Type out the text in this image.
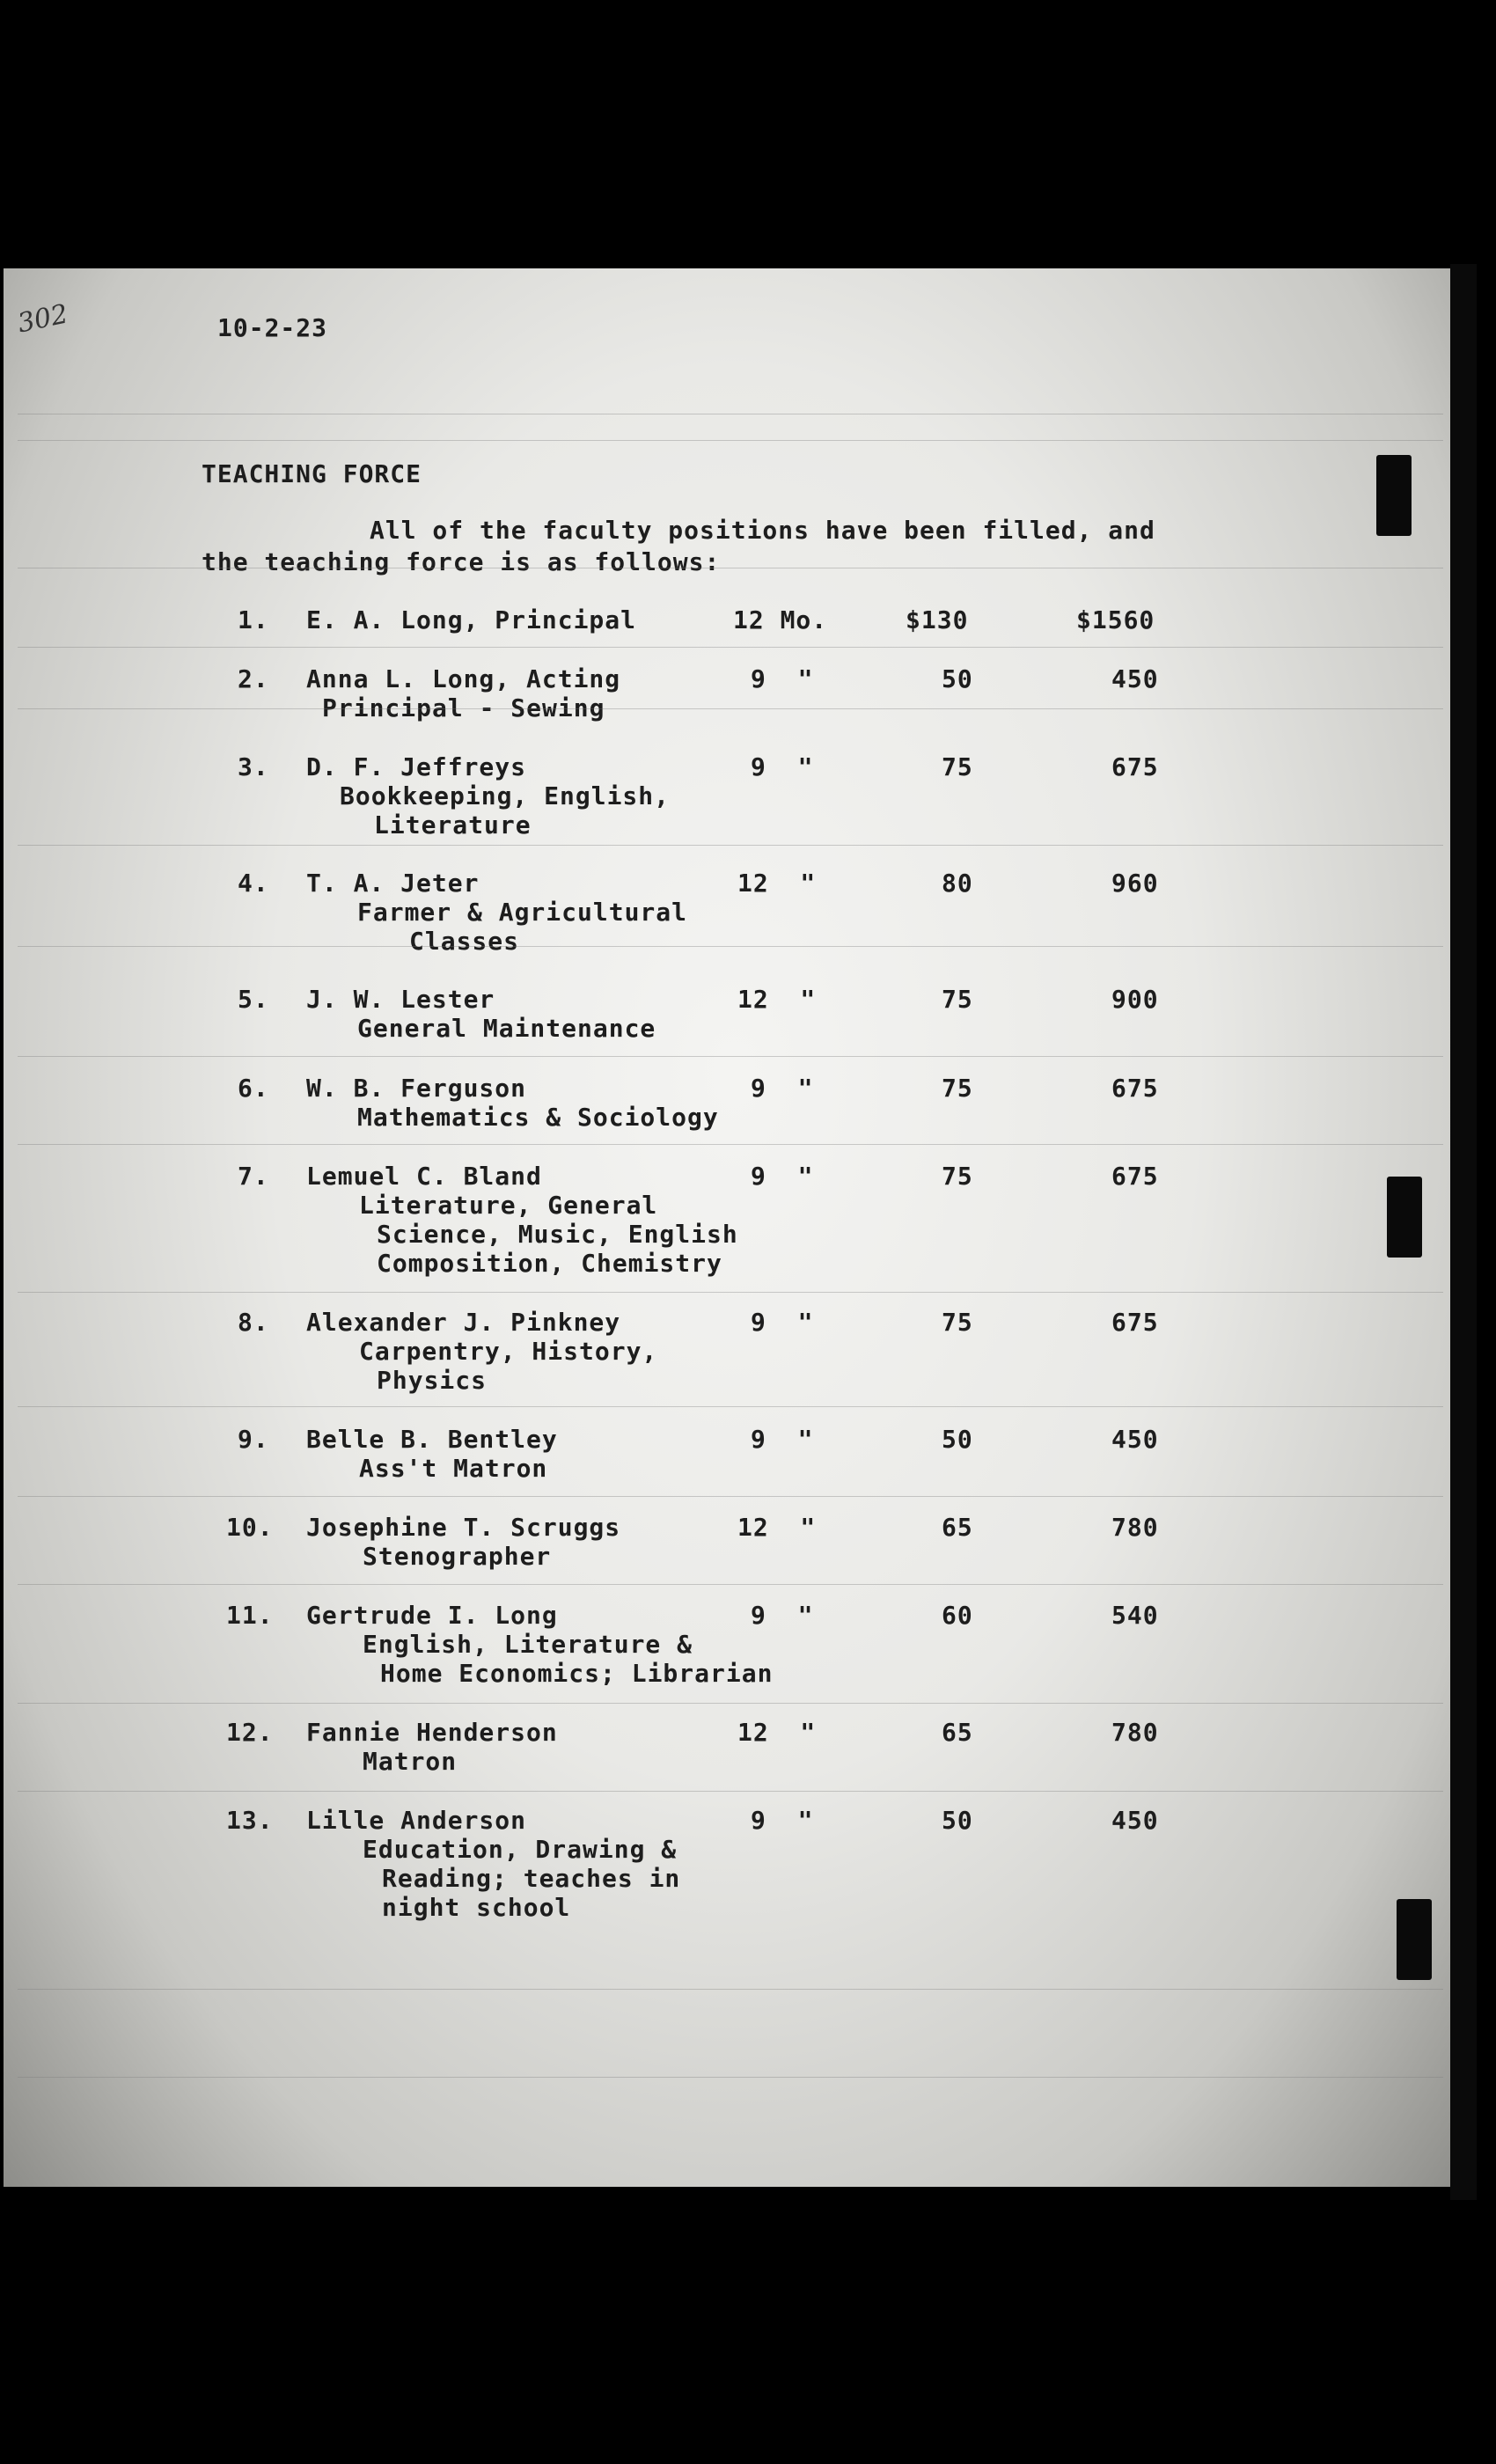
302	10-2-23
TEACHING FORCE
All of the faculty positions have been filled, and
the teaching force is as follows:
1. E. A. Long, Principal	12 Mo.	$130	$1560
2. Anna L. Long, Acting
Principal - Sewing
9  "	50	450
3. D. F. Jeffreys
Bookkeeping, English,
Literature
9  "	75	675
4. T. A. Jeter
Farmer & Agricultural
Classes
12  "	80	960
5. J. W. Lester
General Maintenance
12  "	75	900
6. W. B. Ferguson
Mathematics & Sociology
9  "	75	675
7. Lemuel C. Bland
Literature, General
Science, Music, English
Composition, Chemistry
9  "	75	675
8. Alexander J. Pinkney
Carpentry, History,
Physics
9  "	75	675
9. Belle B. Bentley
Ass't Matron
9  "	50	450
10. Josephine T. Scruggs
Stenographer
12  "	65	780
11. Gertrude I. Long
English, Literature &
Home Economics; Librarian
9  "	60	540
12. Fannie Henderson
Matron
12  "	65	780
13. Lille Anderson
Education, Drawing &
Reading; teaches in
night school
9  "	50	450
